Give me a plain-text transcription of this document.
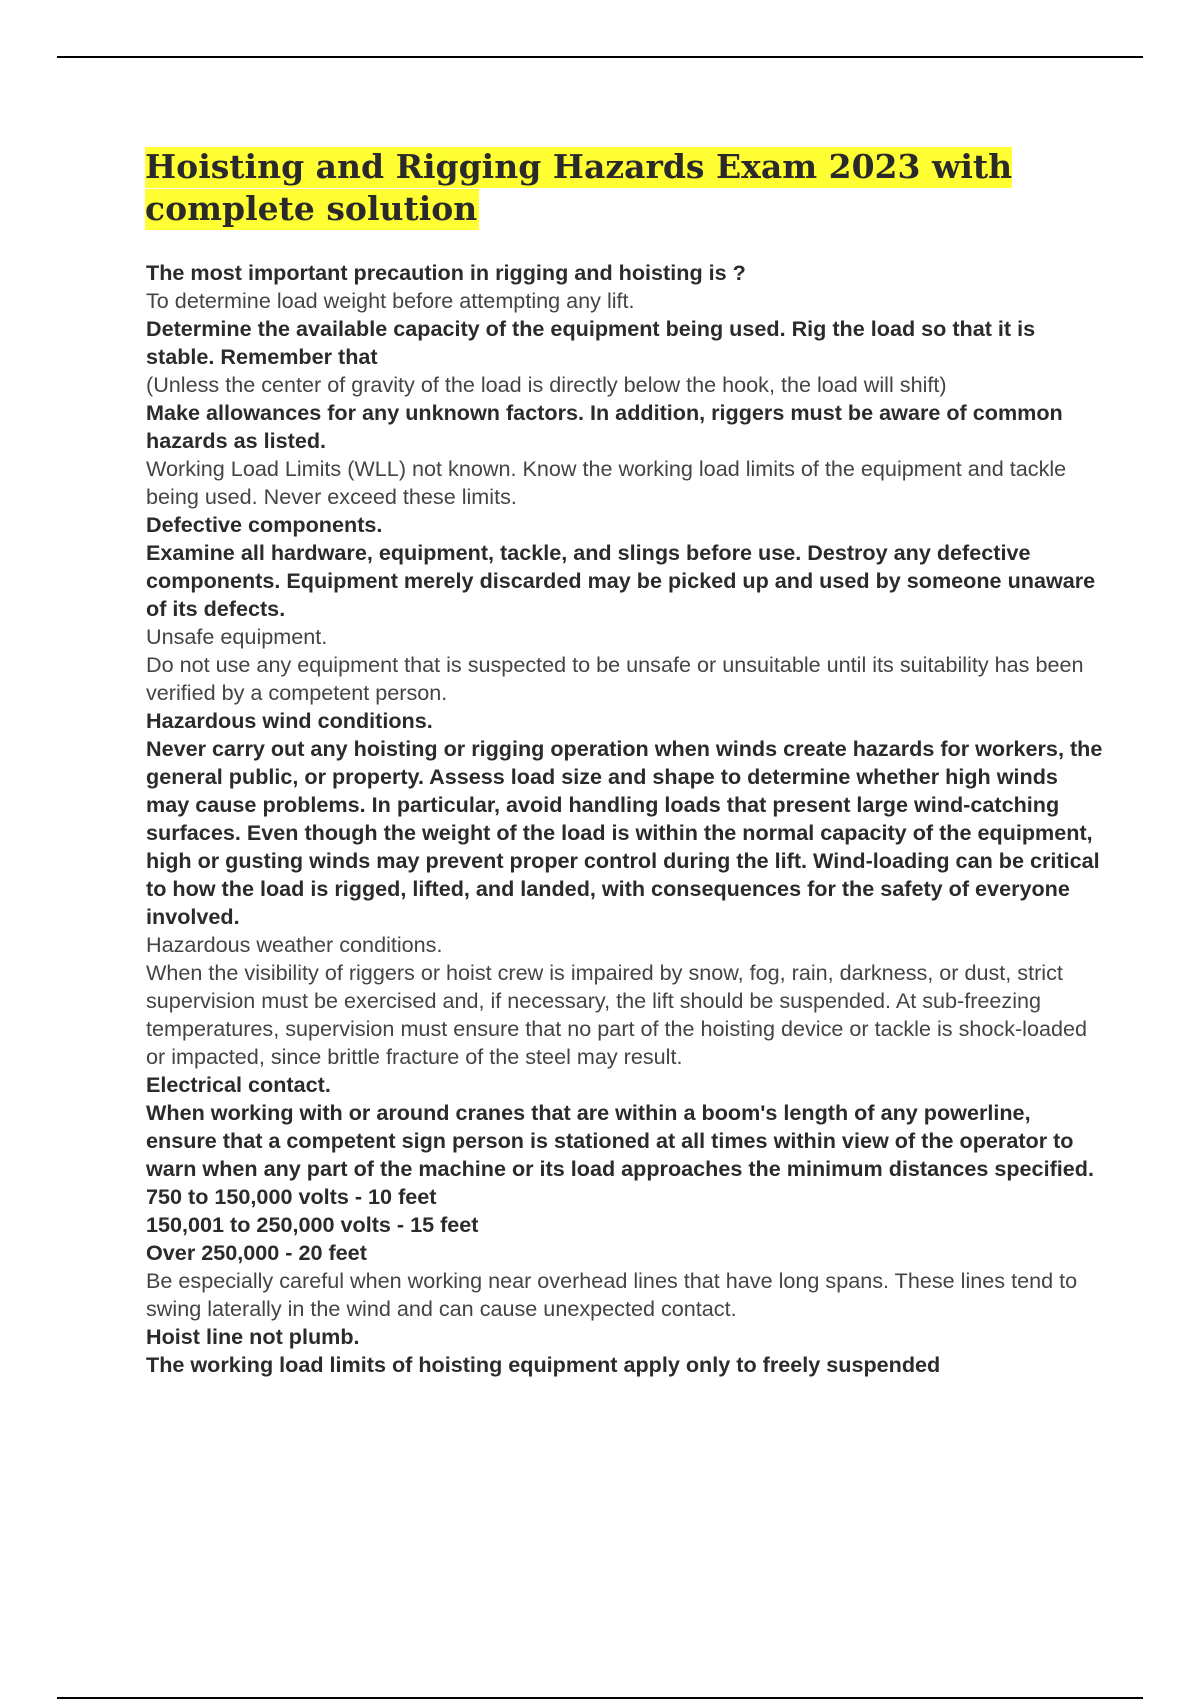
Hoisting and Rigging Hazards Exam 2023 with complete solution

The most important precaution in rigging and hoisting is ?

To determine load weight before attempting any lift.

Determine the available capacity of the equipment being used. Rig the load so that it is stable. Remember that

(Unless the center of gravity of the load is directly below the hook, the load will shift)

Make allowances for any unknown factors. In addition, riggers must be aware of common hazards as listed.

Working Load Limits (WLL) not known. Know the working load limits of the equipment and tackle being used. Never exceed these limits.

Defective components.

Examine all hardware, equipment, tackle, and slings before use. Destroy any defective components. Equipment merely discarded may be picked up and used by someone unaware of its defects.

Unsafe equipment.

Do not use any equipment that is suspected to be unsafe or unsuitable until its suitability has been verified by a competent person.

Hazardous wind conditions.

Never carry out any hoisting or rigging operation when winds create hazards for workers, the general public, or property. Assess load size and shape to determine whether high winds may cause problems. In particular, avoid handling loads that present large wind-catching surfaces. Even though the weight of the load is within the normal capacity of the equipment, high or gusting winds may prevent proper control during the lift. Wind-loading can be critical to how the load is rigged, lifted, and landed, with consequences for the safety of everyone involved.

Hazardous weather conditions.

When the visibility of riggers or hoist crew is impaired by snow, fog, rain, darkness, or dust, strict supervision must be exercised and, if necessary, the lift should be suspended. At sub-freezing temperatures, supervision must ensure that no part of the hoisting device or tackle is shock-loaded or impacted, since brittle fracture of the steel may result.

Electrical contact.

When working with or around cranes that are within a boom's length of any powerline, ensure that a competent sign person is stationed at all times within view of the operator to warn when any part of the machine or its load approaches the minimum distances specified.

750 to 150,000 volts - 10 feet

150,001 to 250,000 volts - 15 feet

Over 250,000 - 20 feet

Be especially careful when working near overhead lines that have long spans. These lines tend to swing laterally in the wind and can cause unexpected contact.

Hoist line not plumb.

The working load limits of hoisting equipment apply only to freely suspended
